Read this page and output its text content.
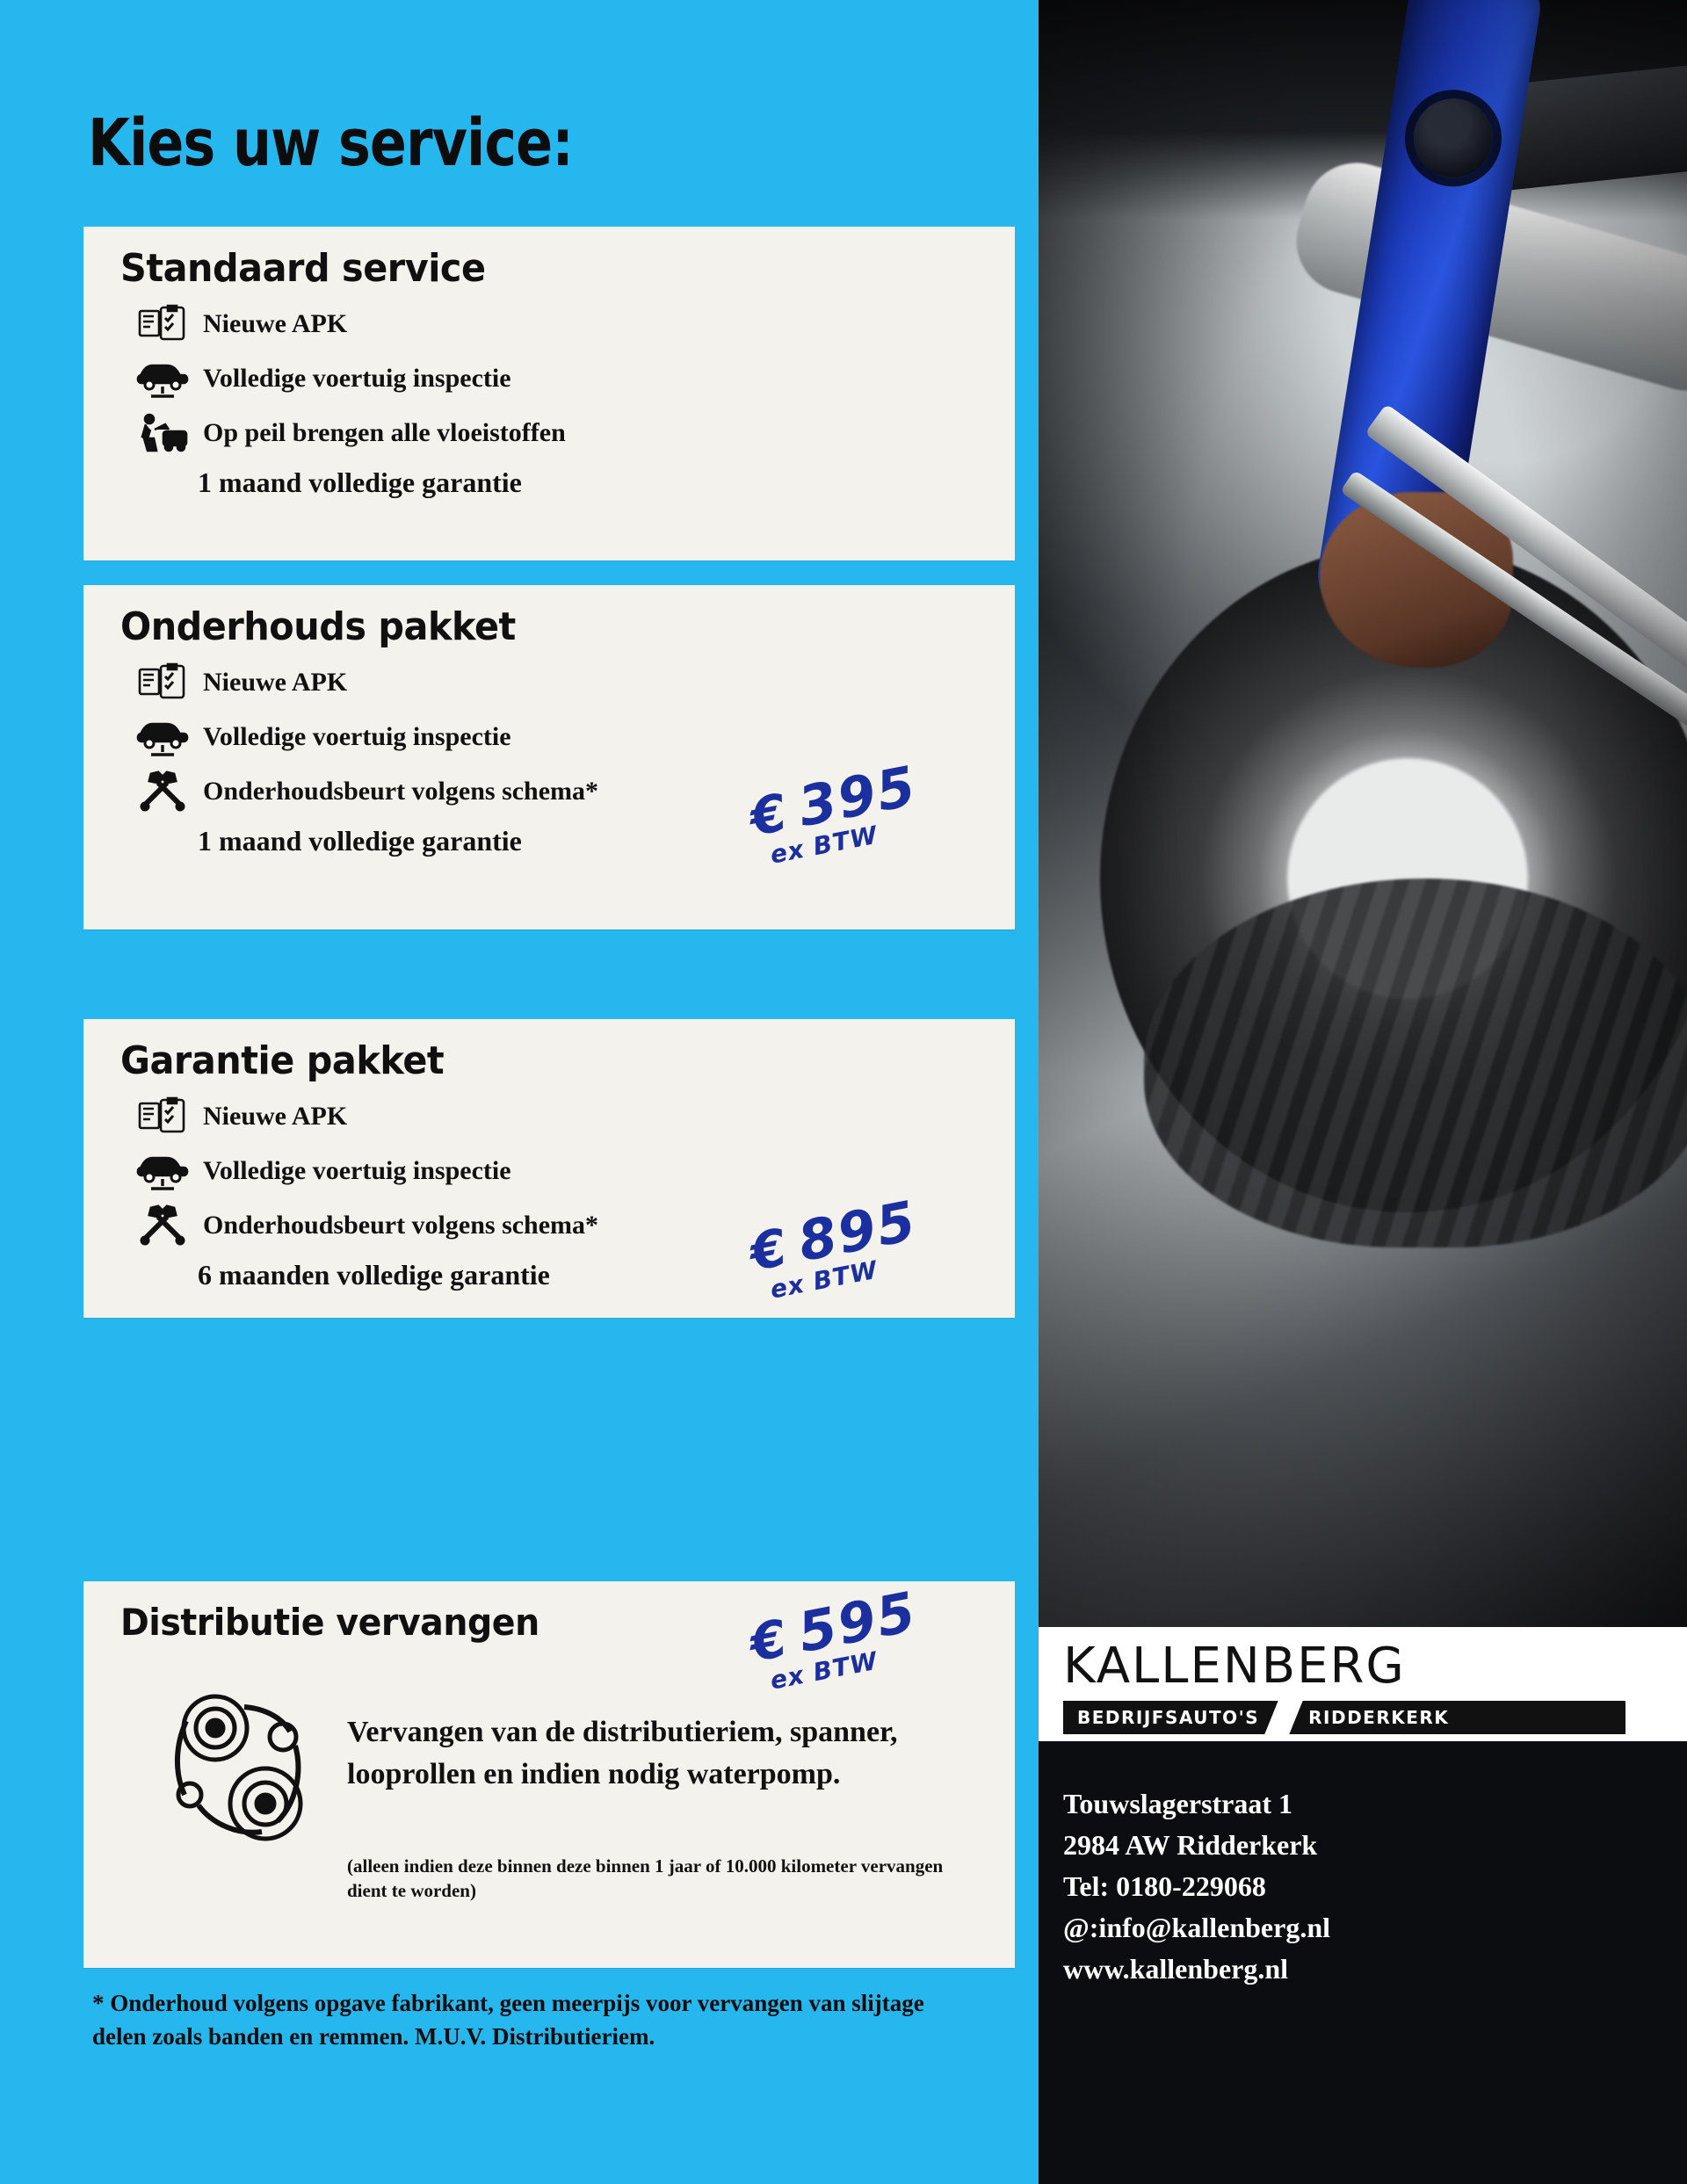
Kies uw service:
Standaard service
Nieuwe APK
Volledige voertuig inspectie
Op peil brengen alle vloeistoffen
1 maand volledige garantie
Onderhouds pakket
Nieuwe APK
Volledige voertuig inspectie
Onderhoudsbeurt volgens schema*
1 maand volledige garantie	€395
ex BTW
Garantie pakket
Nieuwe APK
Volledige voertuig inspectie
Onderhoudsbeurt volgens schema*
6 maanden volledige garantie	€895
ex BTW
Distributie vervangen
Vervangen van de distributieriem, spanner, looprollen en indien nodig waterpomp.
(alleen indien deze binnen deze binnen 1 jaar of 10.000 kilometer vervangen dient te worden)
€595
ex BTW
* Onderhoud volgens opgave fabrikant, geen meerpijs voor vervangen van slijtage delen zoals banden en remmen. M.U.V. Distributieriem.
KALLENBERG
BEDRIJFSAUTO'S	RIDDERKERK
Touwslagerstraat 1
2984 AW Ridderkerk
Tel: 0180-229068
@:info@kallenberg.nl
www.kallenberg.nl
